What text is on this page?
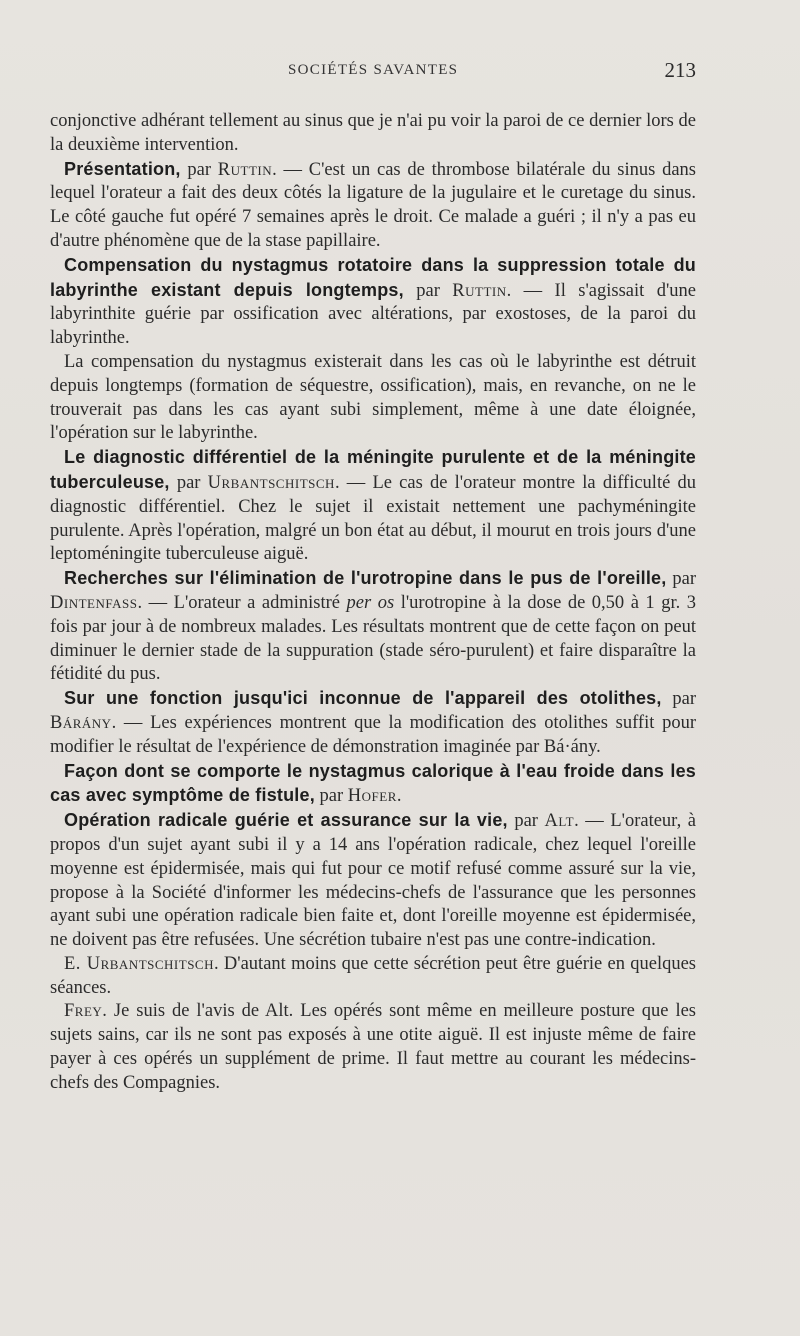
SOCIÉTÉS SAVANTES	213

conjonctive adhérant tellement au sinus que je n'ai pu voir la paroi de ce dernier lors de la deuxième intervention.

Présentation, par Ruttin. — C'est un cas de thrombose bilatérale du sinus dans lequel l'orateur a fait des deux côtés la ligature de la jugulaire et le curetage du sinus. Le côté gauche fut opéré 7 semaines après le droit. Ce malade a guéri ; il n'y a pas eu d'autre phénomène que de la stase papillaire.

Compensation du nystagmus rotatoire dans la suppression totale du labyrinthe existant depuis longtemps, par Ruttin. — Il s'agissait d'une labyrinthite guérie par ossification avec altérations, par exostoses, de la paroi du labyrinthe.

La compensation du nystagmus existerait dans les cas où le labyrinthe est détruit depuis longtemps (formation de séquestre, ossification), mais, en revanche, on ne le trouverait pas dans les cas ayant subi simplement, même à une date éloignée, l'opération sur le labyrinthe.

Le diagnostic différentiel de la méningite purulente et de la méningite tuberculeuse, par Urbantschitsch. — Le cas de l'orateur montre la difficulté du diagnostic différentiel. Chez le sujet il existait nettement une pachyméningite purulente. Après l'opération, malgré un bon état au début, il mourut en trois jours d'une leptoméningite tuberculeuse aiguë.

Recherches sur l'élimination de l'urotropine dans le pus de l'oreille, par Dintenfass. — L'orateur a administré per os l'urotropine à la dose de 0,50 à 1 gr. 3 fois par jour à de nombreux malades. Les résultats montrent que de cette façon on peut diminuer le dernier stade de la suppuration (stade séro-purulent) et faire disparaître la fétidité du pus.

Sur une fonction jusqu'ici inconnue de l'appareil des otolithes, par Bárány. — Les expériences montrent que la modification des otolithes suffit pour modifier le résultat de l'expérience de démonstration imaginée par Bá·ány.

Façon dont se comporte le nystagmus calorique à l'eau froide dans les cas avec symptôme de fistule, par Hofer.

Opération radicale guérie et assurance sur la vie, par Alt. — L'orateur, à propos d'un sujet ayant subi il y a 14 ans l'opération radicale, chez lequel l'oreille moyenne est épidermisée, mais qui fut pour ce motif refusé comme assuré sur la vie, propose à la Société d'informer les médecins-chefs de l'assurance que les personnes ayant subi une opération radicale bien faite et, dont l'oreille moyenne est épidermisée, ne doivent pas être refusées. Une sécrétion tubaire n'est pas une contre-indication.

E. Urbantschitsch. D'autant moins que cette sécrétion peut être guérie en quelques séances.

Frey. Je suis de l'avis de Alt. Les opérés sont même en meilleure posture que les sujets sains, car ils ne sont pas exposés à une otite aiguë. Il est injuste même de faire payer à ces opérés un supplément de prime. Il faut mettre au courant les médecins-chefs des Compagnies.
